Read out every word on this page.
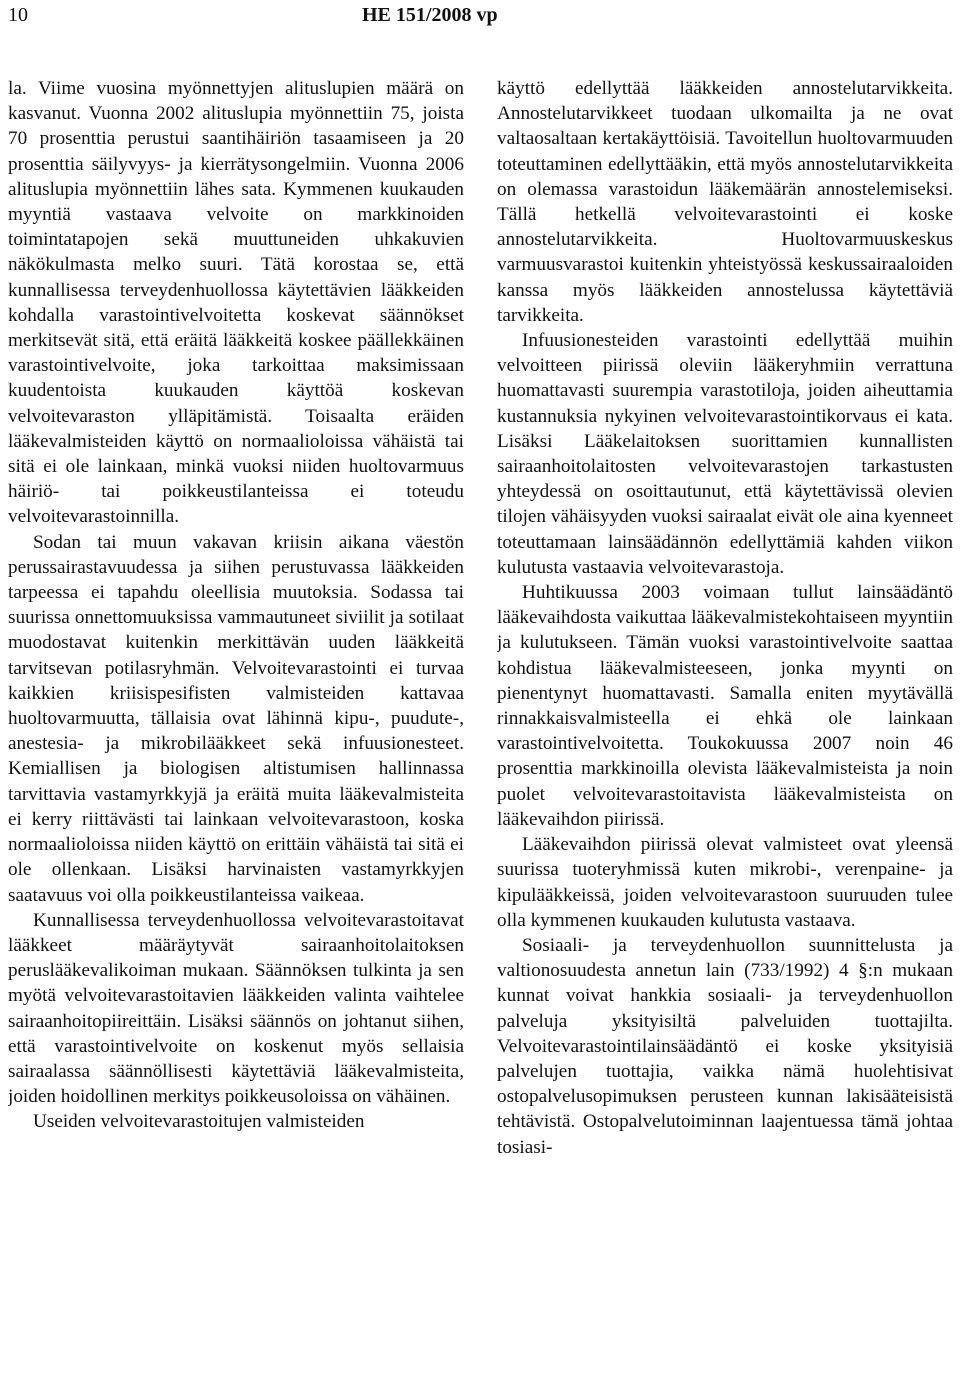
10	HE 151/2008 vp

la. Viime vuosina myönnettyjen alituslupien määrä on kasvanut. Vuonna 2002 alituslupia myönnettiin 75, joista 70 prosenttia perustui saantihäiriön tasaamiseen ja 20 prosenttia säilyvyys- ja kierrätysongelmiin. Vuonna 2006 alituslupia myönnettiin lähes sata. Kymmenen kuukauden myyntiä vastaava velvoite on markkinoiden toimintatapojen sekä muuttuneiden uhkakuvien näkökulmasta melko suuri. Tätä korostaa se, että kunnallisessa terveydenhuollossa käytettävien lääkkeiden kohdalla varastointivelvoitetta koskevat säännökset merkitsevät sitä, että eräitä lääkkeitä koskee päällekkäinen varastointivelvoite, joka tarkoittaa maksimissaan kuudentoista kuukauden käyttöä koskevan velvoitevaraston ylläpitämistä. Toisaalta eräiden lääkevalmisteiden käyttö on normaalioloissa vähäistä tai sitä ei ole lainkaan, minkä vuoksi niiden huoltovarmuus häiriö- tai poikkeustilanteissa ei toteudu velvoitevarastoinnilla.

Sodan tai muun vakavan kriisin aikana väestön perussairastavuudessa ja siihen perustuvassa lääkkeiden tarpeessa ei tapahdu oleellisia muutoksia. Sodassa tai suurissa onnettomuuksissa vammautuneet siviilit ja sotilaat muodostavat kuitenkin merkittävän uuden lääkkeitä tarvitsevan potilasryhmän. Velvoitevarastointi ei turvaa kaikkien kriisispesifisten valmisteiden kattavaa huoltovarmuutta, tällaisia ovat lähinnä kipu-, puudute-, anestesia- ja mikrobilääkkeet sekä infuusionesteet. Kemiallisen ja biologisen altistumisen hallinnassa tarvittavia vastamyrkkyjä ja eräitä muita lääkevalmisteita ei kerry riittävästi tai lainkaan velvoitevarastoon, koska normaalioloissa niiden käyttö on erittäin vähäistä tai sitä ei ole ollenkaan. Lisäksi harvinaisten vastamyrkkyjen saatavuus voi olla poikkeustilanteissa vaikeaa.

Kunnallisessa terveydenhuollossa velvoitevarastoitavat lääkkeet määräytyvät sairaanhoitolaitoksen peruslääkevalikoiman mukaan. Säännöksen tulkinta ja sen myötä velvoitevarastoitavien lääkkeiden valinta vaihtelee sairaanhoitopiireittäin. Lisäksi säännös on johtanut siihen, että varastointivelvoite on koskenut myös sellaisia sairaalassa säännöllisesti käytettäviä lääkevalmisteita, joiden hoidollinen merkitys poikkeusoloissa on vähäinen.

Useiden velvoitevarastoitujen valmisteiden

käyttö edellyttää lääkkeiden annostelutarvikkeita. Annostelutarvikkeet tuodaan ulkomailta ja ne ovat valtaosaltaan kertakäyttöisiä. Tavoitellun huoltovarmuuden toteuttaminen edellyttääkin, että myös annostelutarvikkeita on olemassa varastoidun lääkemäärän annostelemiseksi. Tällä hetkellä velvoitevarastointi ei koske annostelutarvikkeita. Huoltovarmuuskeskus varmuusvarastoi kuitenkin yhteistyössä keskussairaaloiden kanssa myös lääkkeiden annostelussa käytettäviä tarvikkeita.

Infuusionesteiden varastointi edellyttää muihin velvoitteen piirissä oleviin lääkeryhmiin verrattuna huomattavasti suurempia varastotiloja, joiden aiheuttamia kustannuksia nykyinen velvoitevarastointikorvaus ei kata. Lisäksi Lääkelaitoksen suorittamien kunnallisten sairaanhoitolaitosten velvoitevarastojen tarkastusten yhteydessä on osoittautunut, että käytettävissä olevien tilojen vähäisyyden vuoksi sairaalat eivät ole aina kyenneet toteuttamaan lainsäädännön edellyttämiä kahden viikon kulutusta vastaavia velvoitevarastoja.

Huhtikuussa 2003 voimaan tullut lainsäädäntö lääkevaihdosta vaikuttaa lääkevalmistekohtaiseen myyntiin ja kulutukseen. Tämän vuoksi varastointivelvoite saattaa kohdistua lääkevalmisteeseen, jonka myynti on pienentynyt huomattavasti. Samalla eniten myytävällä rinnakkaisvalmisteella ei ehkä ole lainkaan varastointivelvoitetta. Toukokuussa 2007 noin 46 prosenttia markkinoilla olevista lääkevalmisteista ja noin puolet velvoitevarastoitavista lääkevalmisteista on lääkevaihdon piirissä.

Lääkevaihdon piirissä olevat valmisteet ovat yleensä suurissa tuoteryhmissä kuten mikrobi-, verenpaine- ja kipulääkkeissä, joiden velvoitevarastoon suuruuden tulee olla kymmenen kuukauden kulutusta vastaava.

Sosiaali- ja terveydenhuollon suunnittelusta ja valtionosuudesta annetun lain (733/1992) 4 §:n mukaan kunnat voivat hankkia sosiaali- ja terveydenhuollon palveluja yksityisiltä palveluiden tuottajilta. Velvoitevarastointilainsäädäntö ei koske yksityisiä palvelujen tuottajia, vaikka nämä huolehtisivat ostopalvelusopimuksen perusteen kunnan lakisääteisistä tehtävistä. Ostopalvelutoiminnan laajentuessa tämä johtaa tosiasi-
